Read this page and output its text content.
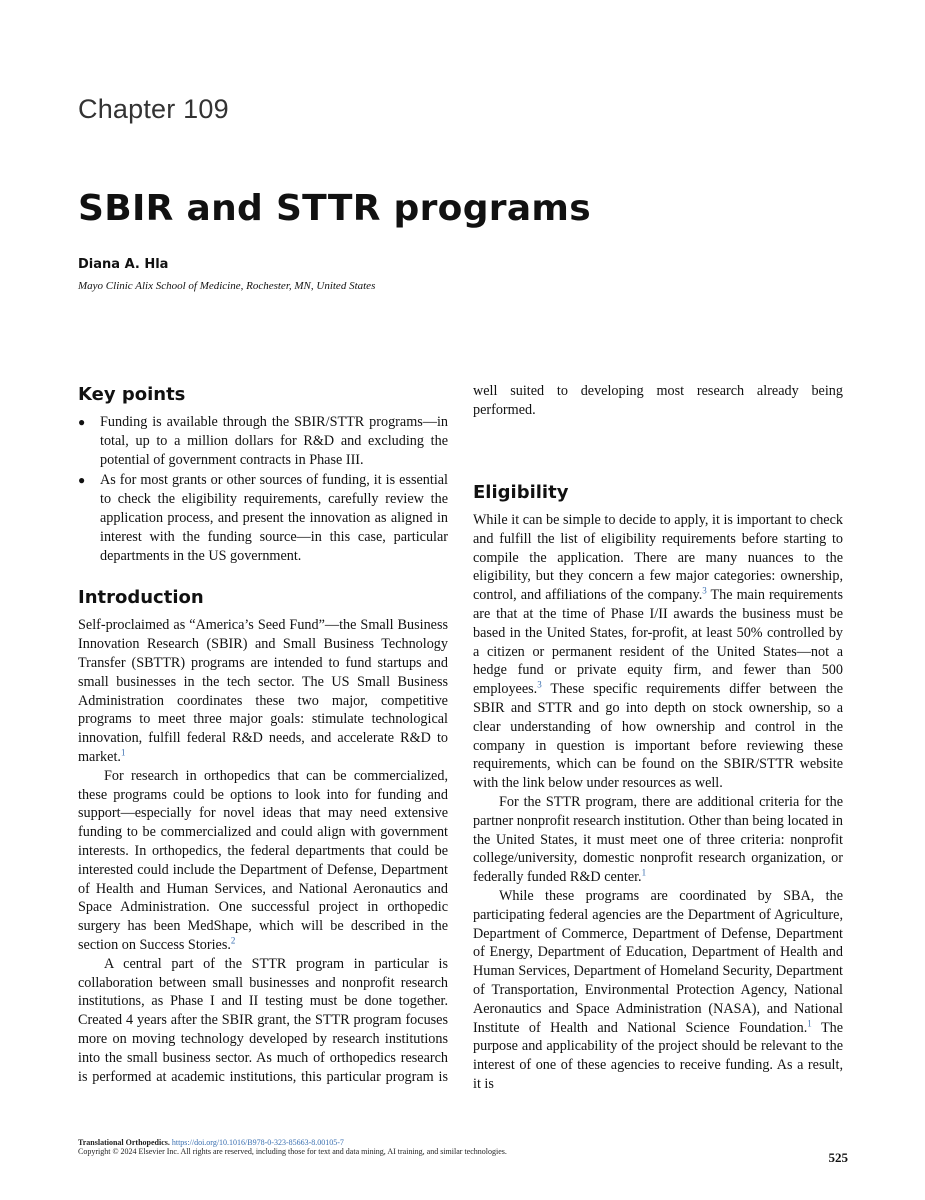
Chapter 109
SBIR and STTR programs

Diana A. Hla

Mayo Clinic Alix School of Medicine, Rochester, MN, United States

Key points
● Funding is available through the SBIR/STTR programs—in total, up to a million dollars for R&D and excluding the potential of government contracts in Phase III.
● As for most grants or other sources of funding, it is essential to check the eligibility requirements, carefully review the application process, and present the innovation as aligned in interest with the funding source—in this case, particular departments in the US government.
Introduction

Self-proclaimed as “America’s Seed Fund”—the Small Business Innovation Research (SBIR) and Small Business Technology Transfer (SBTTR) programs are intended to fund startups and small businesses in the tech sector. The US Small Business Administration coordinates these two major, competitive programs to meet three major goals: stimulate technological innovation, fulfill federal R&D needs, and accelerate R&D to market.$^1$

For research in orthopedics that can be commercialized, these programs could be options to look into for funding and support—especially for novel ideas that may need extensive funding to be commercialized and could align with government interests. In orthopedics, the federal departments that could be interested could include the Department of Defense, Department of Health and Human Services, and National Aeronautics and Space Administration. One successful project in orthopedic surgery has been MedShape, which will be described in the section on Success Stories.$^2$

A central part of the STTR program in particular is collaboration between small businesses and nonprofit research institutions, as Phase I and II testing must be done together. Created 4 years after the SBIR grant, the STTR program focuses more on moving technology developed by research institutions into the small business sector. As much of orthopedics research is performed at academic institutions, this particular program is

well suited to developing most research already being performed.

Eligibility

While it can be simple to decide to apply, it is important to check and fulfill the list of eligibility requirements before starting to compile the application. There are many nuances to the eligibility, but they concern a few major categories: ownership, control, and affiliations of the company.$^3$ The main requirements are that at the time of Phase I/II awards the business must be based in the United States, for-profit, at least 50% controlled by a citizen or permanent resident of the United States—not a hedge fund or private equity firm, and fewer than 500 employees.$^3$ These specific requirements differ between the SBIR and STTR and go into depth on stock ownership, so a clear understanding of how ownership and control in the company in question is important before reviewing these requirements, which can be found on the SBIR/STTR website with the link below under resources as well.

For the STTR program, there are additional criteria for the partner nonprofit research institution. Other than being located in the United States, it must meet one of three criteria: nonprofit college/university, domestic nonprofit research organization, or federally funded R&D center.$^1$

While these programs are coordinated by SBA, the participating federal agencies are the Department of Agriculture, Department of Commerce, Department of Defense, Department of Energy, Department of Education, Department of Health and Human Services, Department of Homeland Security, Department of Transportation, Environmental Protection Agency, National Aeronautics and Space Administration (NASA), and National Institute of Health and National Science Foundation.$^1$ The purpose and applicability of the project should be relevant to the interest of one of these agencies to receive funding. As a result, it is

Translational Orthopedics. https://doi.org/10.1016/B978-0-323-85663-8.00105-7
Copyright © 2024 Elsevier Inc. All rights are reserved, including those for text and data mining, AI training, and similar technologies.	525
